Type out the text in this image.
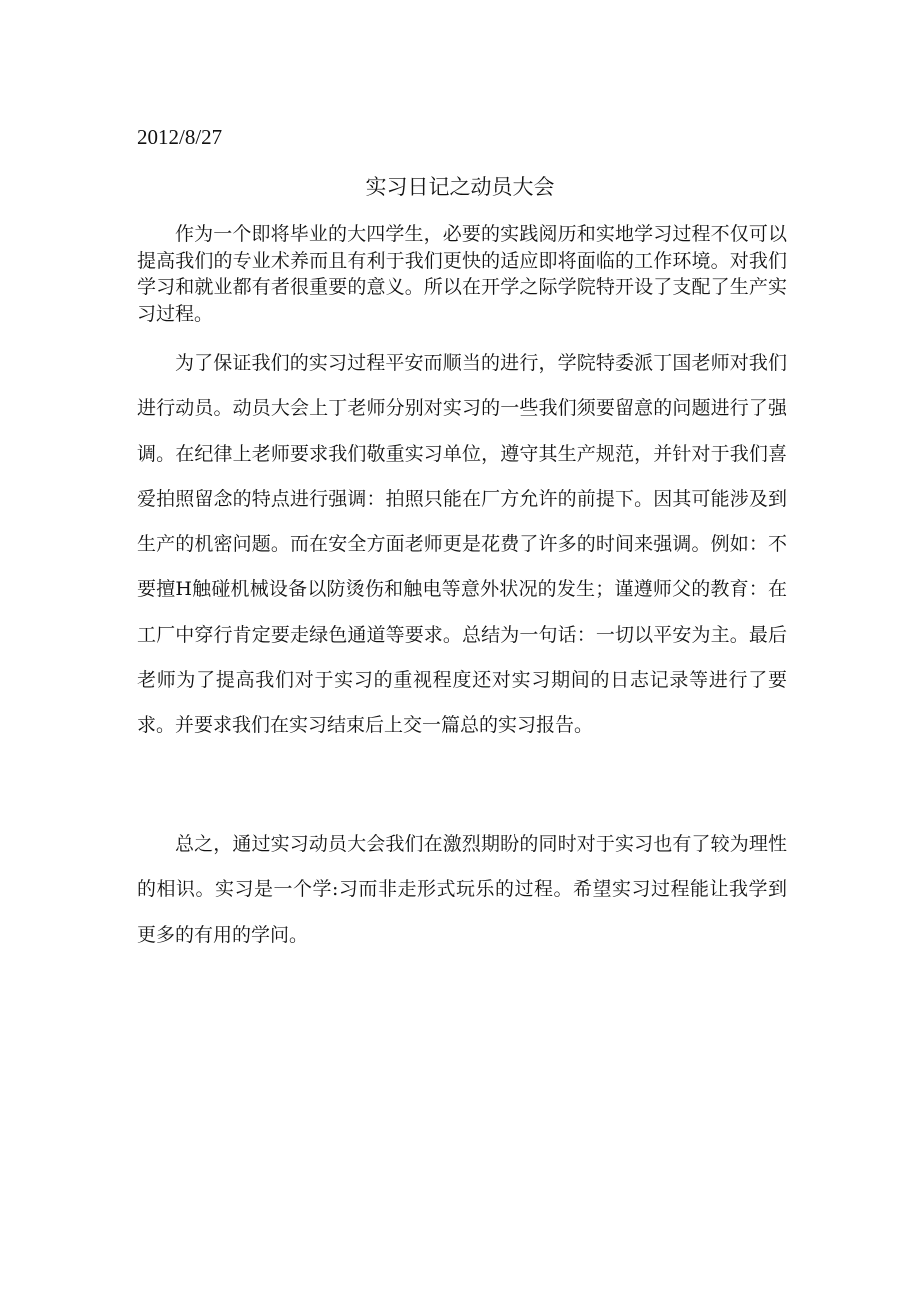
2012/8/27
实习日记之动员大会

作为一个即将毕业的大四学生，必要的实践阅历和实地学习过程不仅可以提高我们的专业术养而且有利于我们更快的适应即将面临的工作环境。对我们学习和就业都有者很重要的意义。所以在开学之际学院特开设了支配了生产实习过程。

为了保证我们的实习过程平安而顺当的进行，学院特委派丁国老师对我们进行动员。动员大会上丁老师分别对实习的一些我们须要留意的问题进行了强调。在纪律上老师要求我们敬重实习单位，遵守其生产规范，并针对于我们喜爱拍照留念的特点进行强调：拍照只能在厂方允许的前提下。因其可能涉及到生产的机密问题。而在安全方面老师更是花费了许多的时间来强调。例如：不要擅H触碰机械设备以防烫伤和触电等意外状况的发生；谨遵师父的教育：在工厂中穿行肯定要走绿色通道等要求。总结为一句话：一切以平安为主。最后老师为了提高我们对于实习的重视程度还对实习期间的日志记录等进行了要求。并要求我们在实习结束后上交一篇总的实习报告。

总之，通过实习动员大会我们在激烈期盼的同时对于实习也有了较为理性的相识。实习是一个学:习而非走形式玩乐的过程。希望实习过程能让我学到更多的有用的学问。
